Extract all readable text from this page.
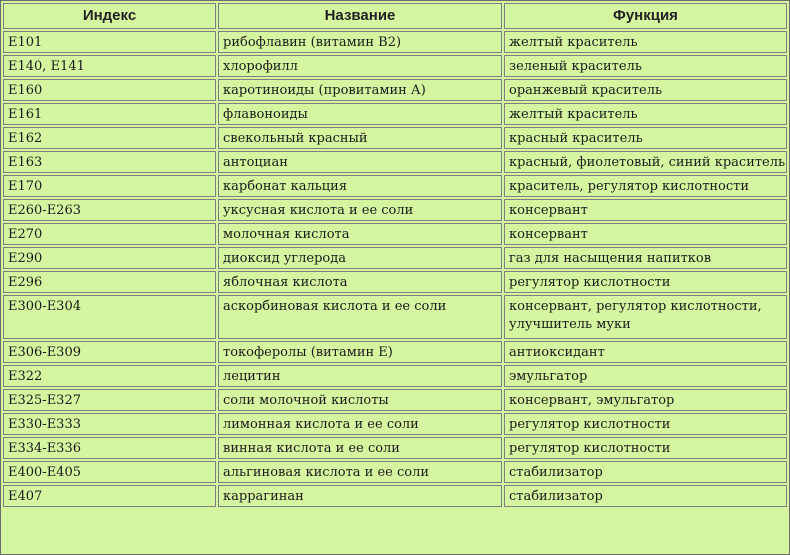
Индекс	Название	Функция
E101	рибофлавин (витамин B2)	желтый краситель
E140, E141	хлорофилл	зеленый краситель
E160	каротиноиды (провитамин А)	оранжевый краситель
E161	флавоноиды	желтый краситель
E162	свекольный красный	красный краситель
E163	антоциан	красный, фиолетовый, синий краситель
E170	карбонат кальция	краситель, регулятор кислотности
E260-E263	уксусная кислота и ее соли	консервант
E270	молочная кислота	консервант
E290	диоксид углерода	газ для насыщения напитков
E296	яблочная кислота	регулятор кислотности
E300-E304	аскорбиновая кислота и ее соли	консервант, регулятор кислотности, улучшитель муки
E306-E309	токоферолы (витамин Е)	антиоксидант
E322	лецитин	эмульгатор
E325-E327	соли молочной кислоты	консервант, эмульгатор
E330-E333	лимонная кислота и ее соли	регулятор кислотности
E334-E336	винная кислота и ее соли	регулятор кислотности
E400-E405	альгиновая кислота и ее соли	стабилизатор
E407	каррагинан	стабилизатор
